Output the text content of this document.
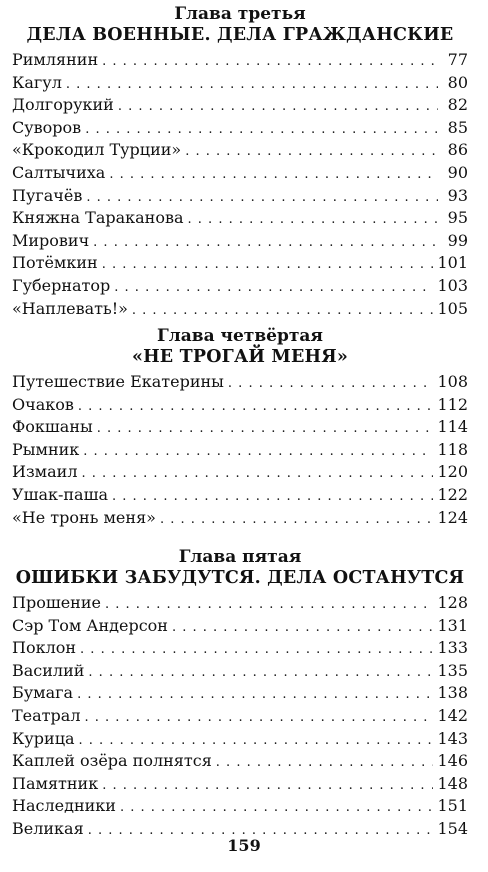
Глава третья
ДЕЛА ВОЕННЫЕ. ДЕЛА ГРАЖДАНСКИЕ
Римлянин . . .	77
Кагул . . .	80
Долгорукий . . .	82
Суворов . . .	85
«Крокодил Турции» . . .	86
Салтычиха . . .	90
Пугачёв . . .	93
Княжна Тараканова . . .	95
Мирович . . .	99
Потёмкин . . .	101
Губернатор . . .	103
«Наплевать!» . . .	105
Глава четвёртая
«НЕ ТРОГАЙ МЕНЯ»
Путешествие Екатерины . . .	108
Очаков . . .	112
Фокшаны . . .	114
Рымник . . .	118
Измаил . . .	120
Ушак-паша . . .	122
«Не тронь меня» . . .	124
Глава пятая
ОШИБКИ ЗАБУДУТСЯ. ДЕЛА ОСТАНУТСЯ
Прошение . . .	128
Сэр Том Андерсон . . .	131
Поклон . . .	133
Василий . . .	135
Бумага . . .	138
Театрал . . .	142
Курица . . .	143
Каплей озёра полнятся . . .	146
Памятник . . .	148
Наследники . . .	151
Великая . . .	154
159
